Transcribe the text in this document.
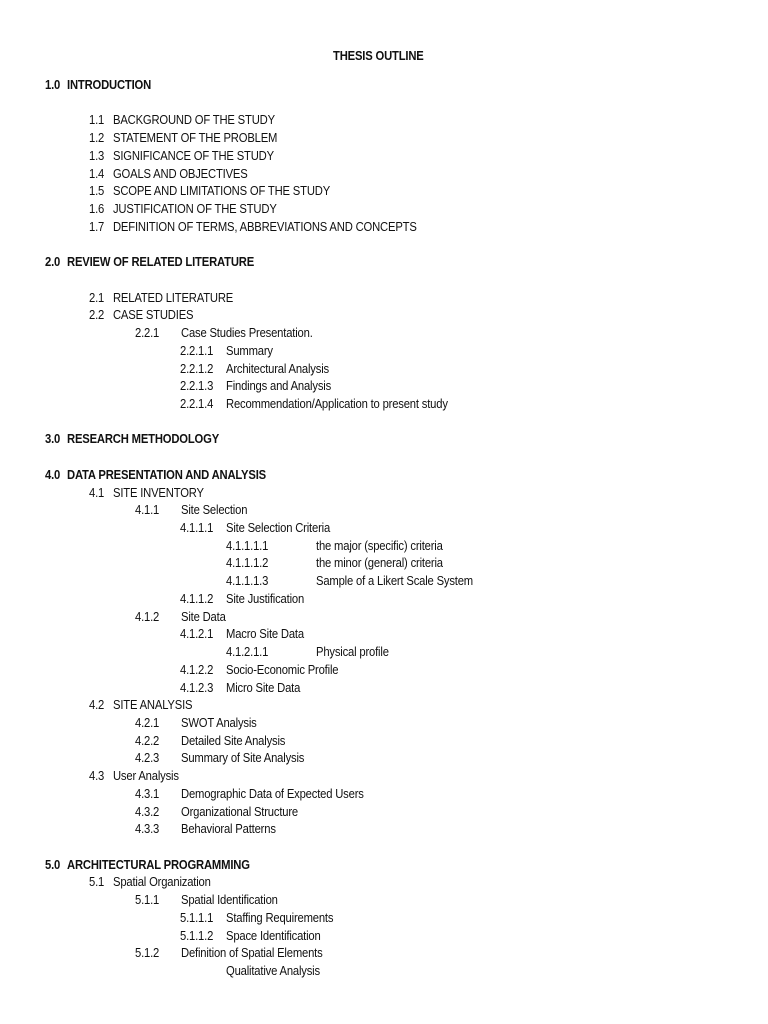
THESIS OUTLINE
1.0 INTRODUCTION
1.1 BACKGROUND OF THE STUDY
1.2 STATEMENT OF THE PROBLEM
1.3 SIGNIFICANCE OF THE STUDY
1.4 GOALS AND OBJECTIVES
1.5 SCOPE AND LIMITATIONS OF THE STUDY
1.6 JUSTIFICATION OF THE STUDY
1.7 DEFINITION OF TERMS, ABBREVIATIONS AND CONCEPTS
2.0 REVIEW OF RELATED LITERATURE
2.1 RELATED LITERATURE
2.2 CASE STUDIES
2.2.1 Case Studies Presentation.
2.2.1.1 Summary
2.2.1.2 Architectural Analysis
2.2.1.3 Findings and Analysis
2.2.1.4 Recommendation/Application to present study
3.0 RESEARCH METHODOLOGY
4.0 DATA PRESENTATION AND ANALYSIS
4.1 SITE INVENTORY
4.1.1 Site Selection
4.1.1.1 Site Selection Criteria
4.1.1.1.1	the major (specific) criteria
4.1.1.1.2	the minor (general) criteria
4.1.1.1.3	Sample of a Likert Scale System
4.1.1.2 Site Justification
4.1.2 Site Data
4.1.2.1 Macro Site Data
4.1.2.1.1	Physical profile
4.1.2.2 Socio-Economic Profile
4.1.2.3 Micro Site Data
4.2 SITE ANALYSIS
4.2.1 SWOT Analysis
4.2.2 Detailed Site Analysis
4.2.3 Summary of Site Analysis
4.3 User Analysis
4.3.1 Demographic Data of Expected Users
4.3.2 Organizational Structure
4.3.3 Behavioral Patterns
5.0 ARCHITECTURAL PROGRAMMING
5.1 Spatial Organization
5.1.1 Spatial Identification
5.1.1.1 Staffing Requirements
5.1.1.2 Space Identification
5.1.2 Definition of Spatial Elements
Qualitative Analysis
